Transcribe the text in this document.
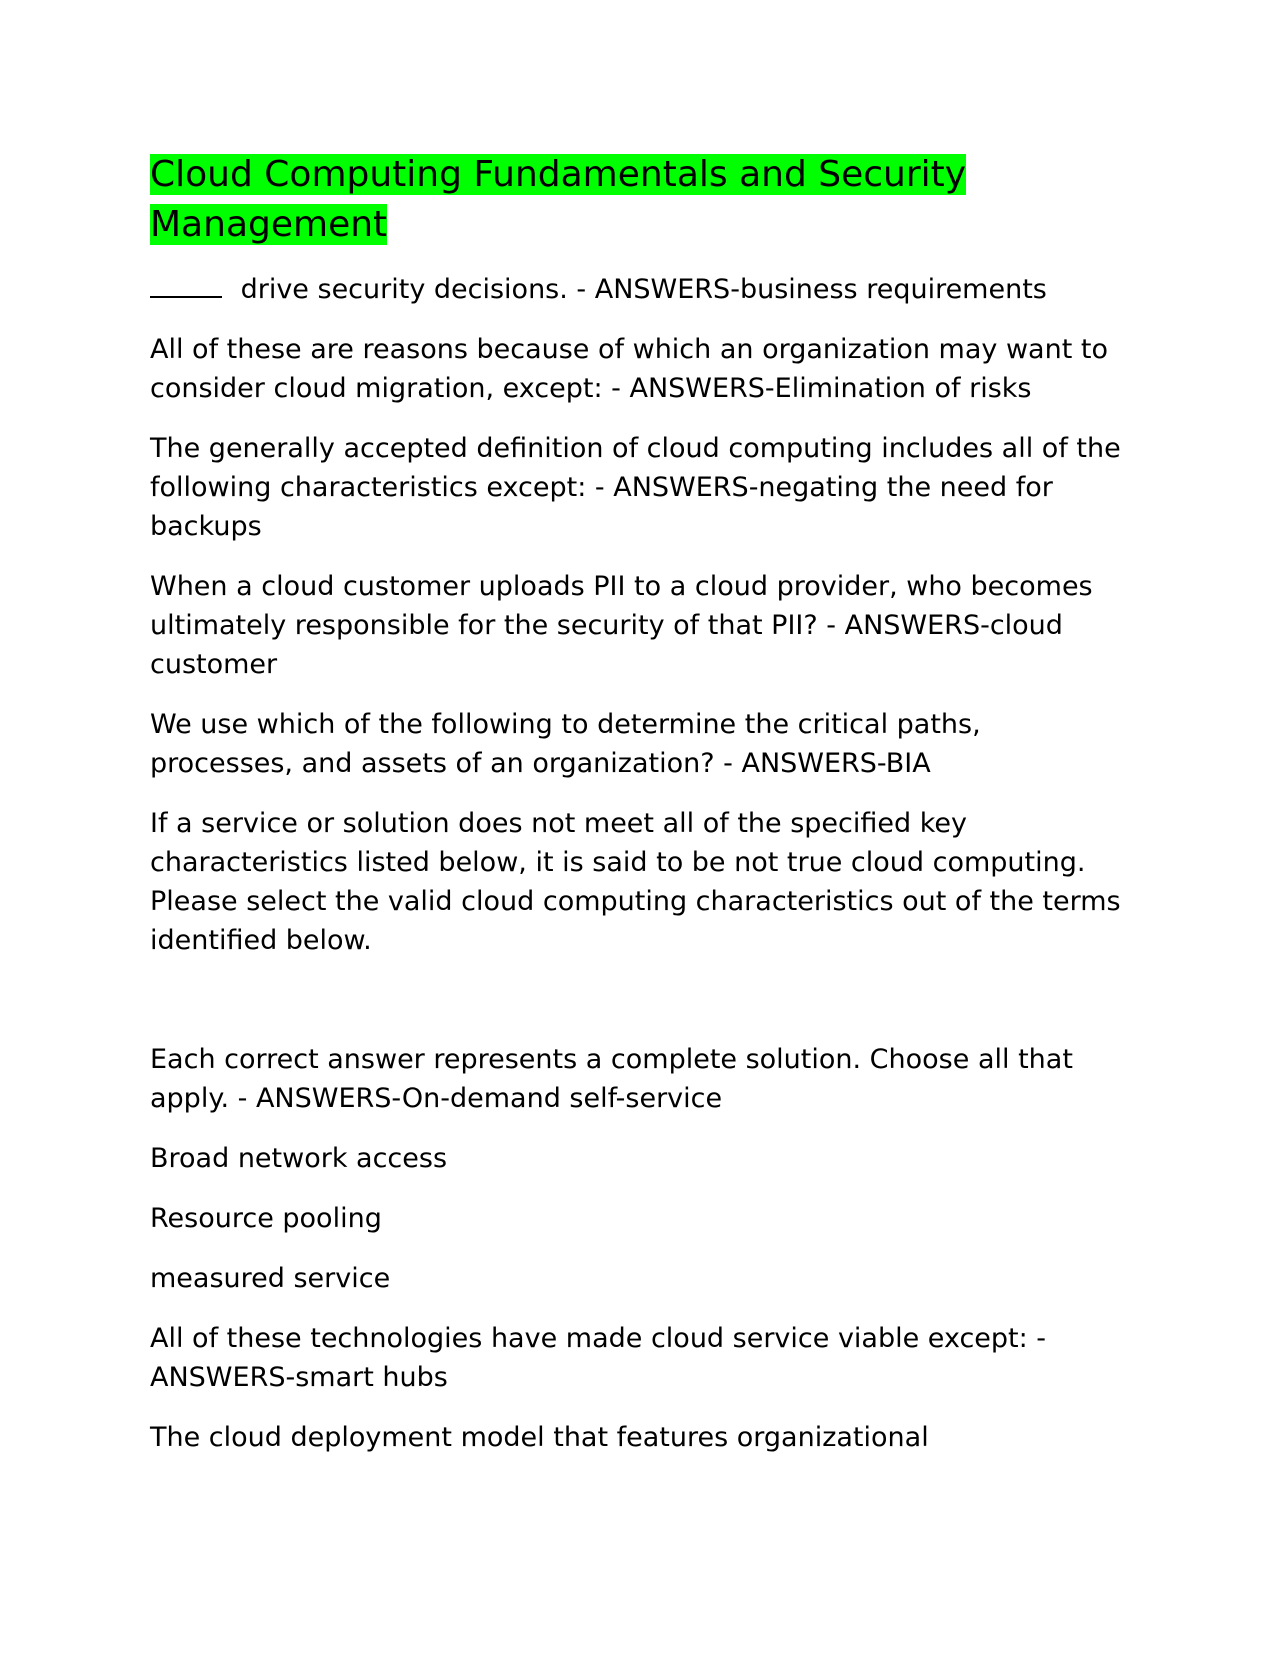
Cloud Computing Fundamentals and Security Management

drive security decisions. - ANSWERS-business requirements

All of these are reasons because of which an organization may want to consider cloud migration, except: - ANSWERS-Elimination of risks

The generally accepted definition of cloud computing includes all of the following characteristics except: - ANSWERS-negating the need for backups

When a cloud customer uploads PII to a cloud provider, who becomes ultimately responsible for the security of that PII? - ANSWERS-cloud customer

We use which of the following to determine the critical paths, processes, and assets of an organization? - ANSWERS-BIA

If a service or solution does not meet all of the specified key characteristics listed below, it is said to be not true cloud computing. Please select the valid cloud computing characteristics out of the terms identified below.

Each correct answer represents a complete solution. Choose all that apply. - ANSWERS-On-demand self-service

Broad network access

Resource pooling

measured service

All of these technologies have made cloud service viable except: - ANSWERS-smart hubs

The cloud deployment model that features organizational
